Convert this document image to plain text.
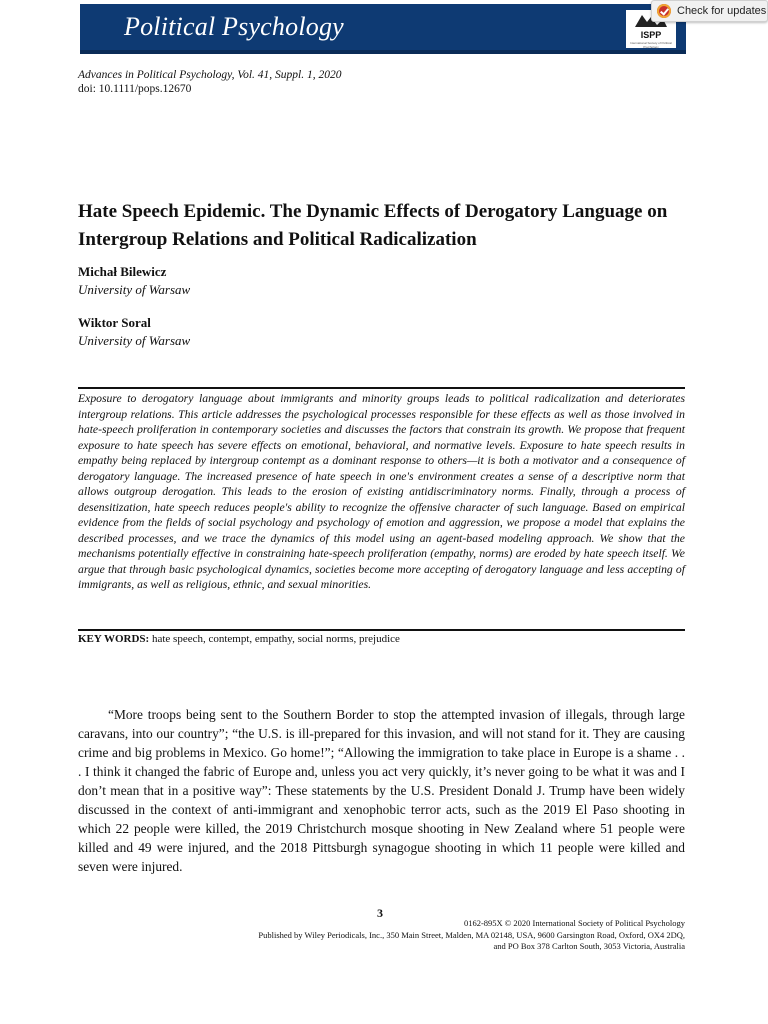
Political Psychology	ISPP
International Society of Political Psychology
Check for updates
Advances in Political Psychology, Vol. 41, Suppl. 1, 2020
doi: 10.1111/pops.12670
Hate Speech Epidemic. The Dynamic Effects of Derogatory Language on Intergroup Relations and Political Radicalization
Michał Bilewicz
University of Warsaw
Wiktor Soral
University of Warsaw

Exposure to derogatory language about immigrants and minority groups leads to political radicalization and deteriorates intergroup relations. This article addresses the psychological processes responsible for these effects as well as those involved in hate-speech proliferation in contemporary societies and discusses the factors that constrain its growth. We propose that frequent exposure to hate speech has severe effects on emotional, behavioral, and normative levels. Exposure to hate speech results in empathy being replaced by intergroup contempt as a dominant response to others—it is both a motivator and a consequence of derogatory language. The increased presence of hate speech in one's environment creates a sense of a descriptive norm that allows outgroup derogation. This leads to the erosion of existing antidiscriminatory norms. Finally, through a process of desensitization, hate speech reduces people's ability to recognize the offensive character of such language. Based on empirical evidence from the fields of social psychology and psychology of emotion and aggression, we propose a model that explains the described processes, and we trace the dynamics of this model using an agent-based modeling approach. We show that the mechanisms potentially effective in constraining hate-speech proliferation (empathy, norms) are eroded by hate speech itself. We argue that through basic psychological dynamics, societies become more accepting of derogatory language and less accepting of immigrants, as well as religious, ethnic, and sexual minorities.

KEY WORDS: hate speech, contempt, empathy, social norms, prejudice

“More troops being sent to the Southern Border to stop the attempted invasion of illegals, through large caravans, into our country”; “the U.S. is ill-prepared for this invasion, and will not stand for it. They are causing crime and big problems in Mexico. Go home!”; “Allowing the immigration to take place in Europe is a shame . . . I think it changed the fabric of Europe and, unless you act very quickly, it’s never going to be what it was and I don’t mean that in a positive way”: These statements by the U.S. President Donald J. Trump have been widely discussed in the context of anti-immigrant and xenophobic terror acts, such as the 2019 El Paso shooting in which 22 people were killed, the 2019 Christchurch mosque shooting in New Zealand where 51 people were killed and 49 were injured, and the 2018 Pittsburgh synagogue shooting in which 11 people were killed and seven were injured.

3
0162-895X © 2020 International Society of Political Psychology
Published by Wiley Periodicals, Inc., 350 Main Street, Malden, MA 02148, USA, 9600 Garsington Road, Oxford, OX4 2DQ,
and PO Box 378 Carlton South, 3053 Victoria, Australia
